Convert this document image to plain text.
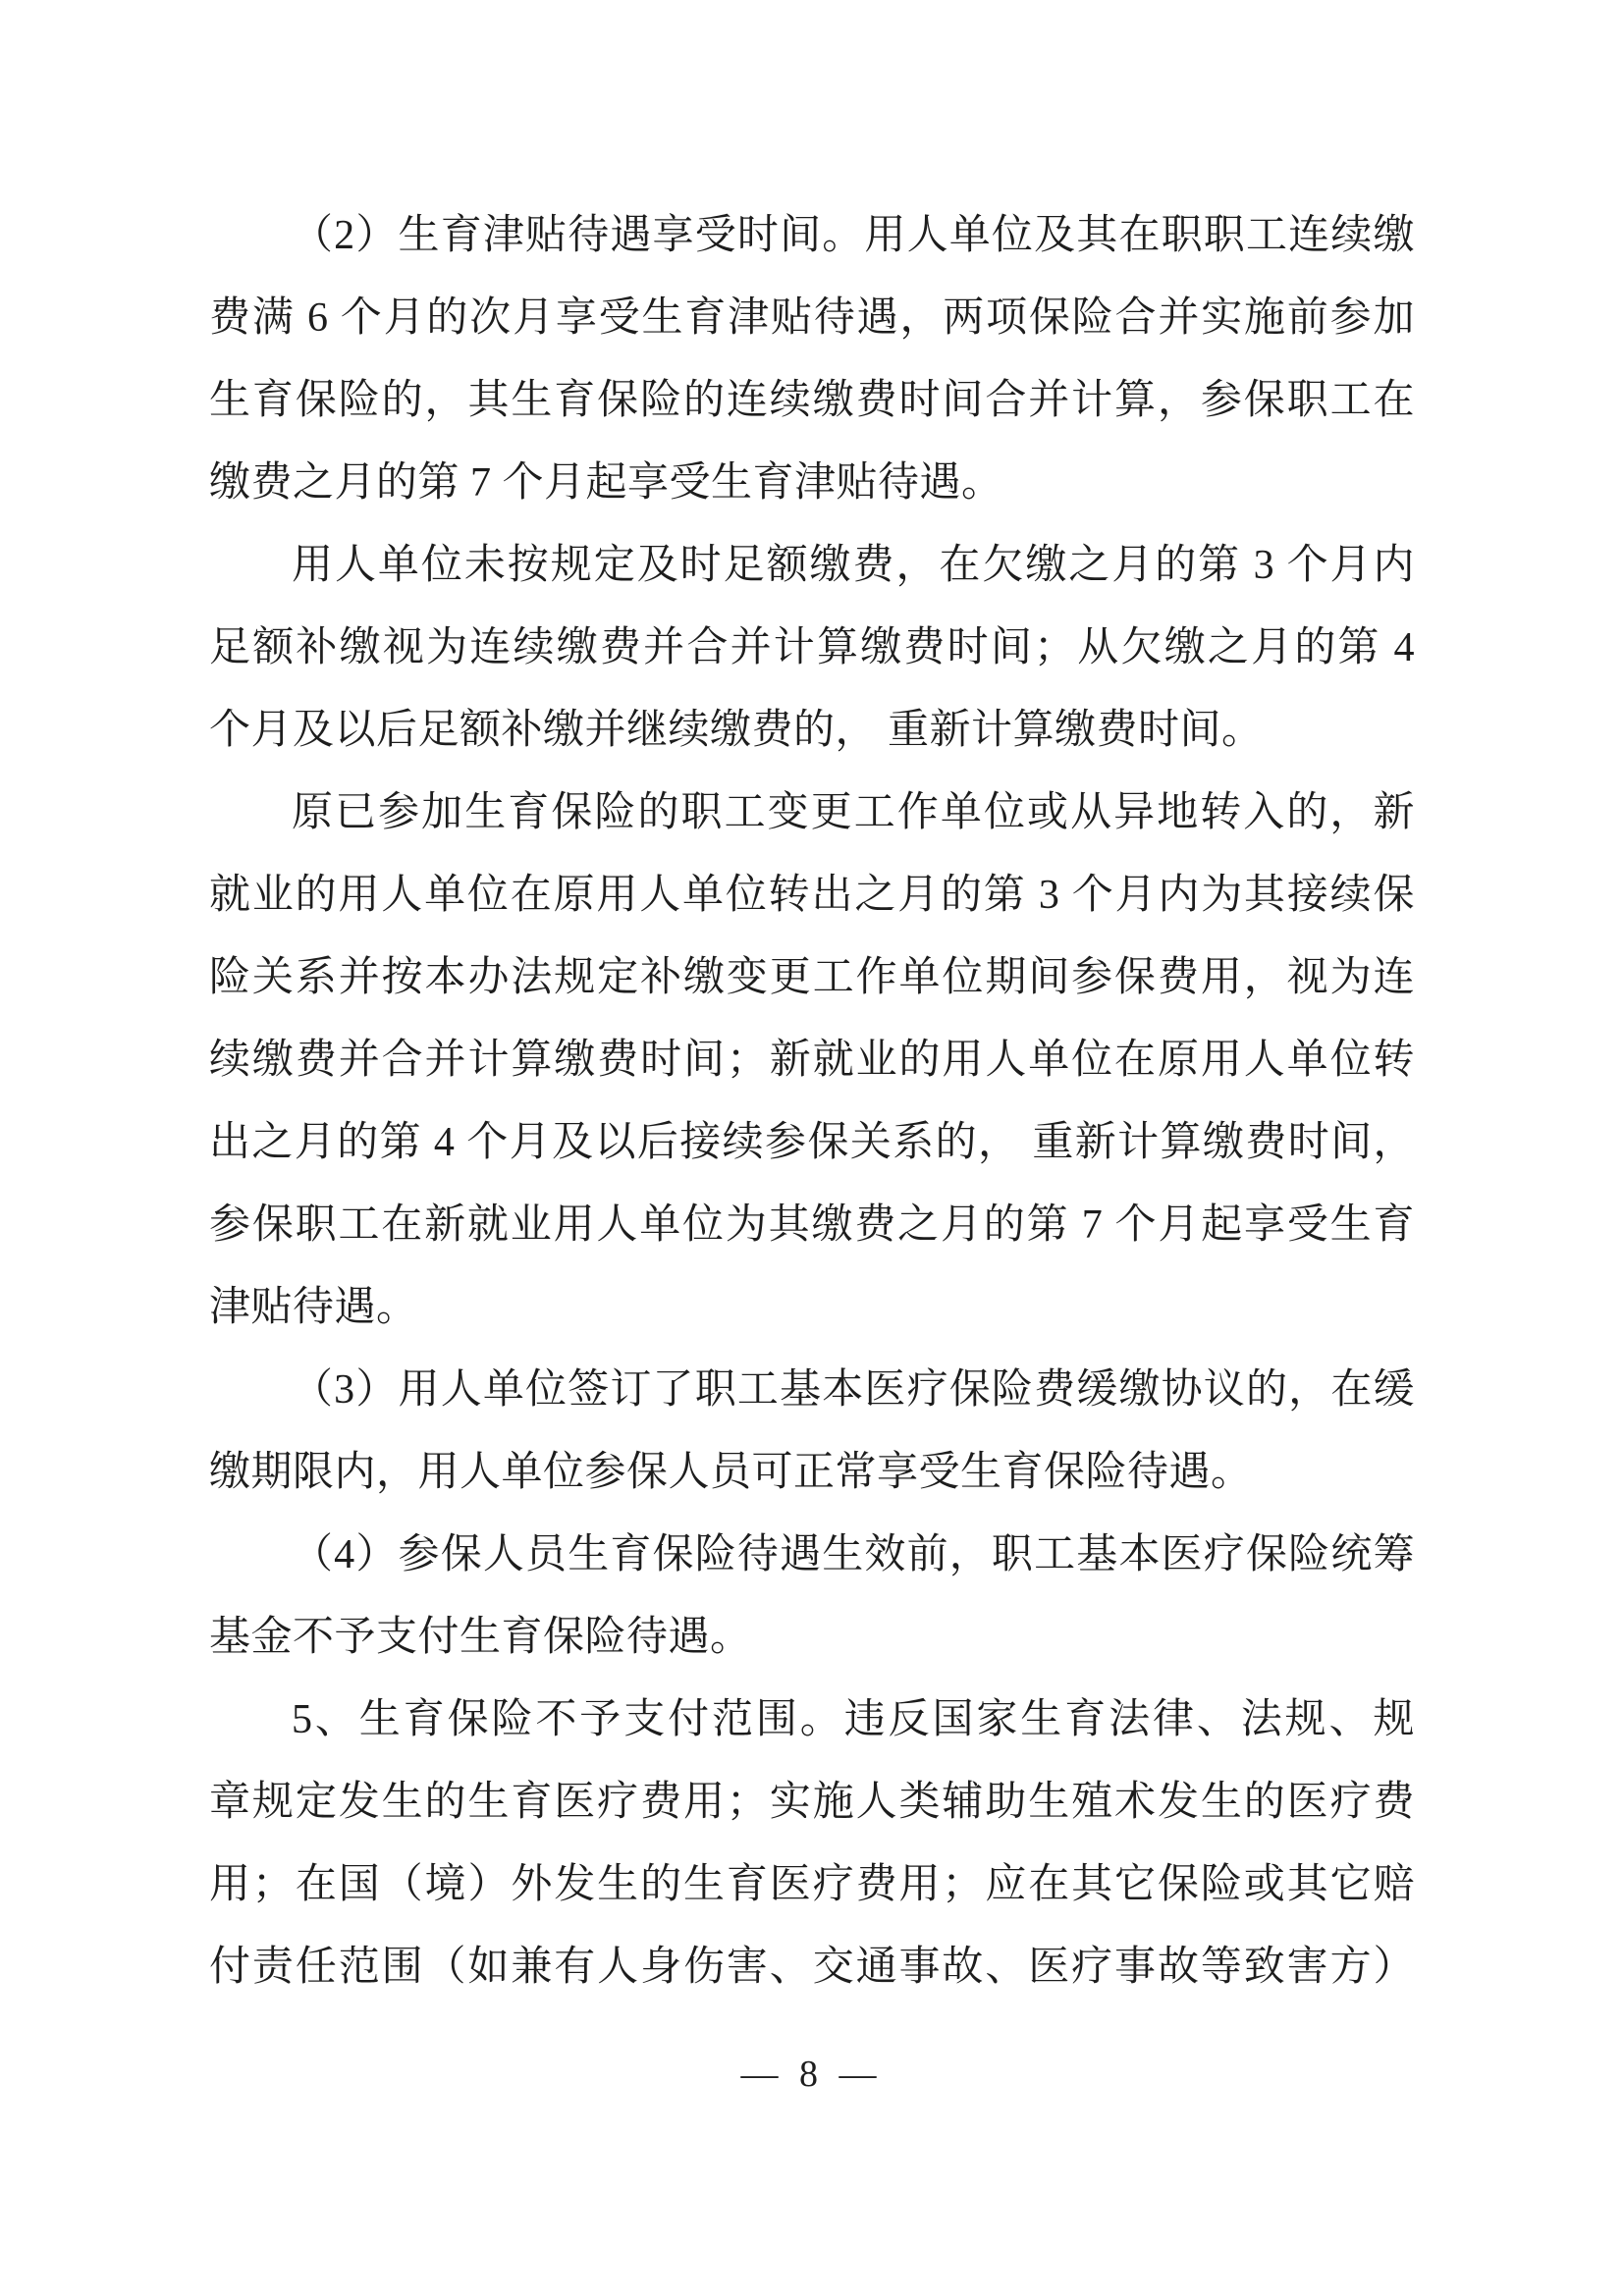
（2）生育津贴待遇享受时间。用人单位及其在职职工连续缴
费满 6 个月的次月享受生育津贴待遇，两项保险合并实施前参加
生育保险的，其生育保险的连续缴费时间合并计算，参保职工在
缴费之月的第 7 个月起享受生育津贴待遇。
用人单位未按规定及时足额缴费，在欠缴之月的第 3 个月内
足额补缴视为连续缴费并合并计算缴费时间；从欠缴之月的第 4
个月及以后足额补缴并继续缴费的， 重新计算缴费时间。
原已参加生育保险的职工变更工作单位或从异地转入的，新
就业的用人单位在原用人单位转出之月的第 3 个月内为其接续保
险关系并按本办法规定补缴变更工作单位期间参保费用，视为连
续缴费并合并计算缴费时间；新就业的用人单位在原用人单位转
出之月的第 4 个月及以后接续参保关系的， 重新计算缴费时间，
参保职工在新就业用人单位为其缴费之月的第 7 个月起享受生育
津贴待遇。
（3）用人单位签订了职工基本医疗保险费缓缴协议的，在缓
缴期限内，用人单位参保人员可正常享受生育保险待遇。
（4）参保人员生育保险待遇生效前，职工基本医疗保险统筹
基金不予支付生育保险待遇。
5、生育保险不予支付范围。违反国家生育法律、法规、规
章规定发生的生育医疗费用；实施人类辅助生殖术发生的医疗费
用；在国（境）外发生的生育医疗费用；应在其它保险或其它赔
付责任范围（如兼有人身伤害、交通事故、医疗事故等致害方）
— 8 —
